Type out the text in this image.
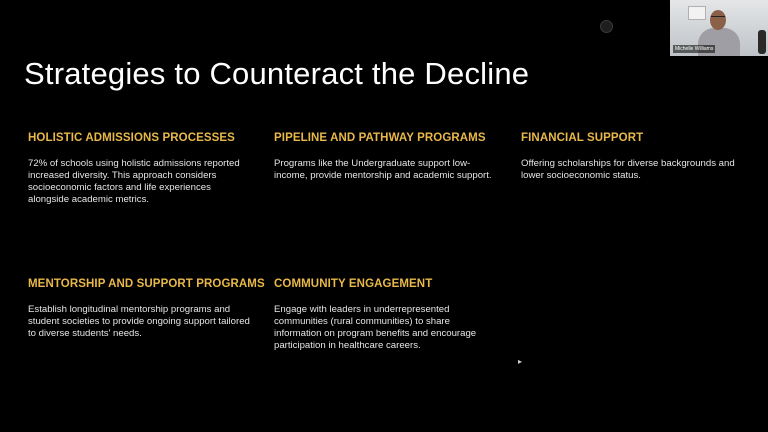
Strategies to Counteract the Decline
HOLISTIC ADMISSIONS PROCESSES

72% of schools using holistic admissions reported increased diversity. This approach considers socioeconomic factors and life experiences alongside academic metrics.

PIPELINE AND PATHWAY PROGRAMS

Programs like the Undergraduate support low-income, provide mentorship and academic support.

FINANCIAL SUPPORT

Offering scholarships for diverse backgrounds and lower socioeconomic status.

MENTORSHIP AND SUPPORT PROGRAMS

Establish longitudinal mentorship programs and student societies to provide ongoing support tailored to diverse students' needs.

COMMUNITY ENGAGEMENT

Engage with leaders in underrepresented communities (rural communities) to share information on program benefits and encourage participation in healthcare careers.

Michelle Williams
▸
